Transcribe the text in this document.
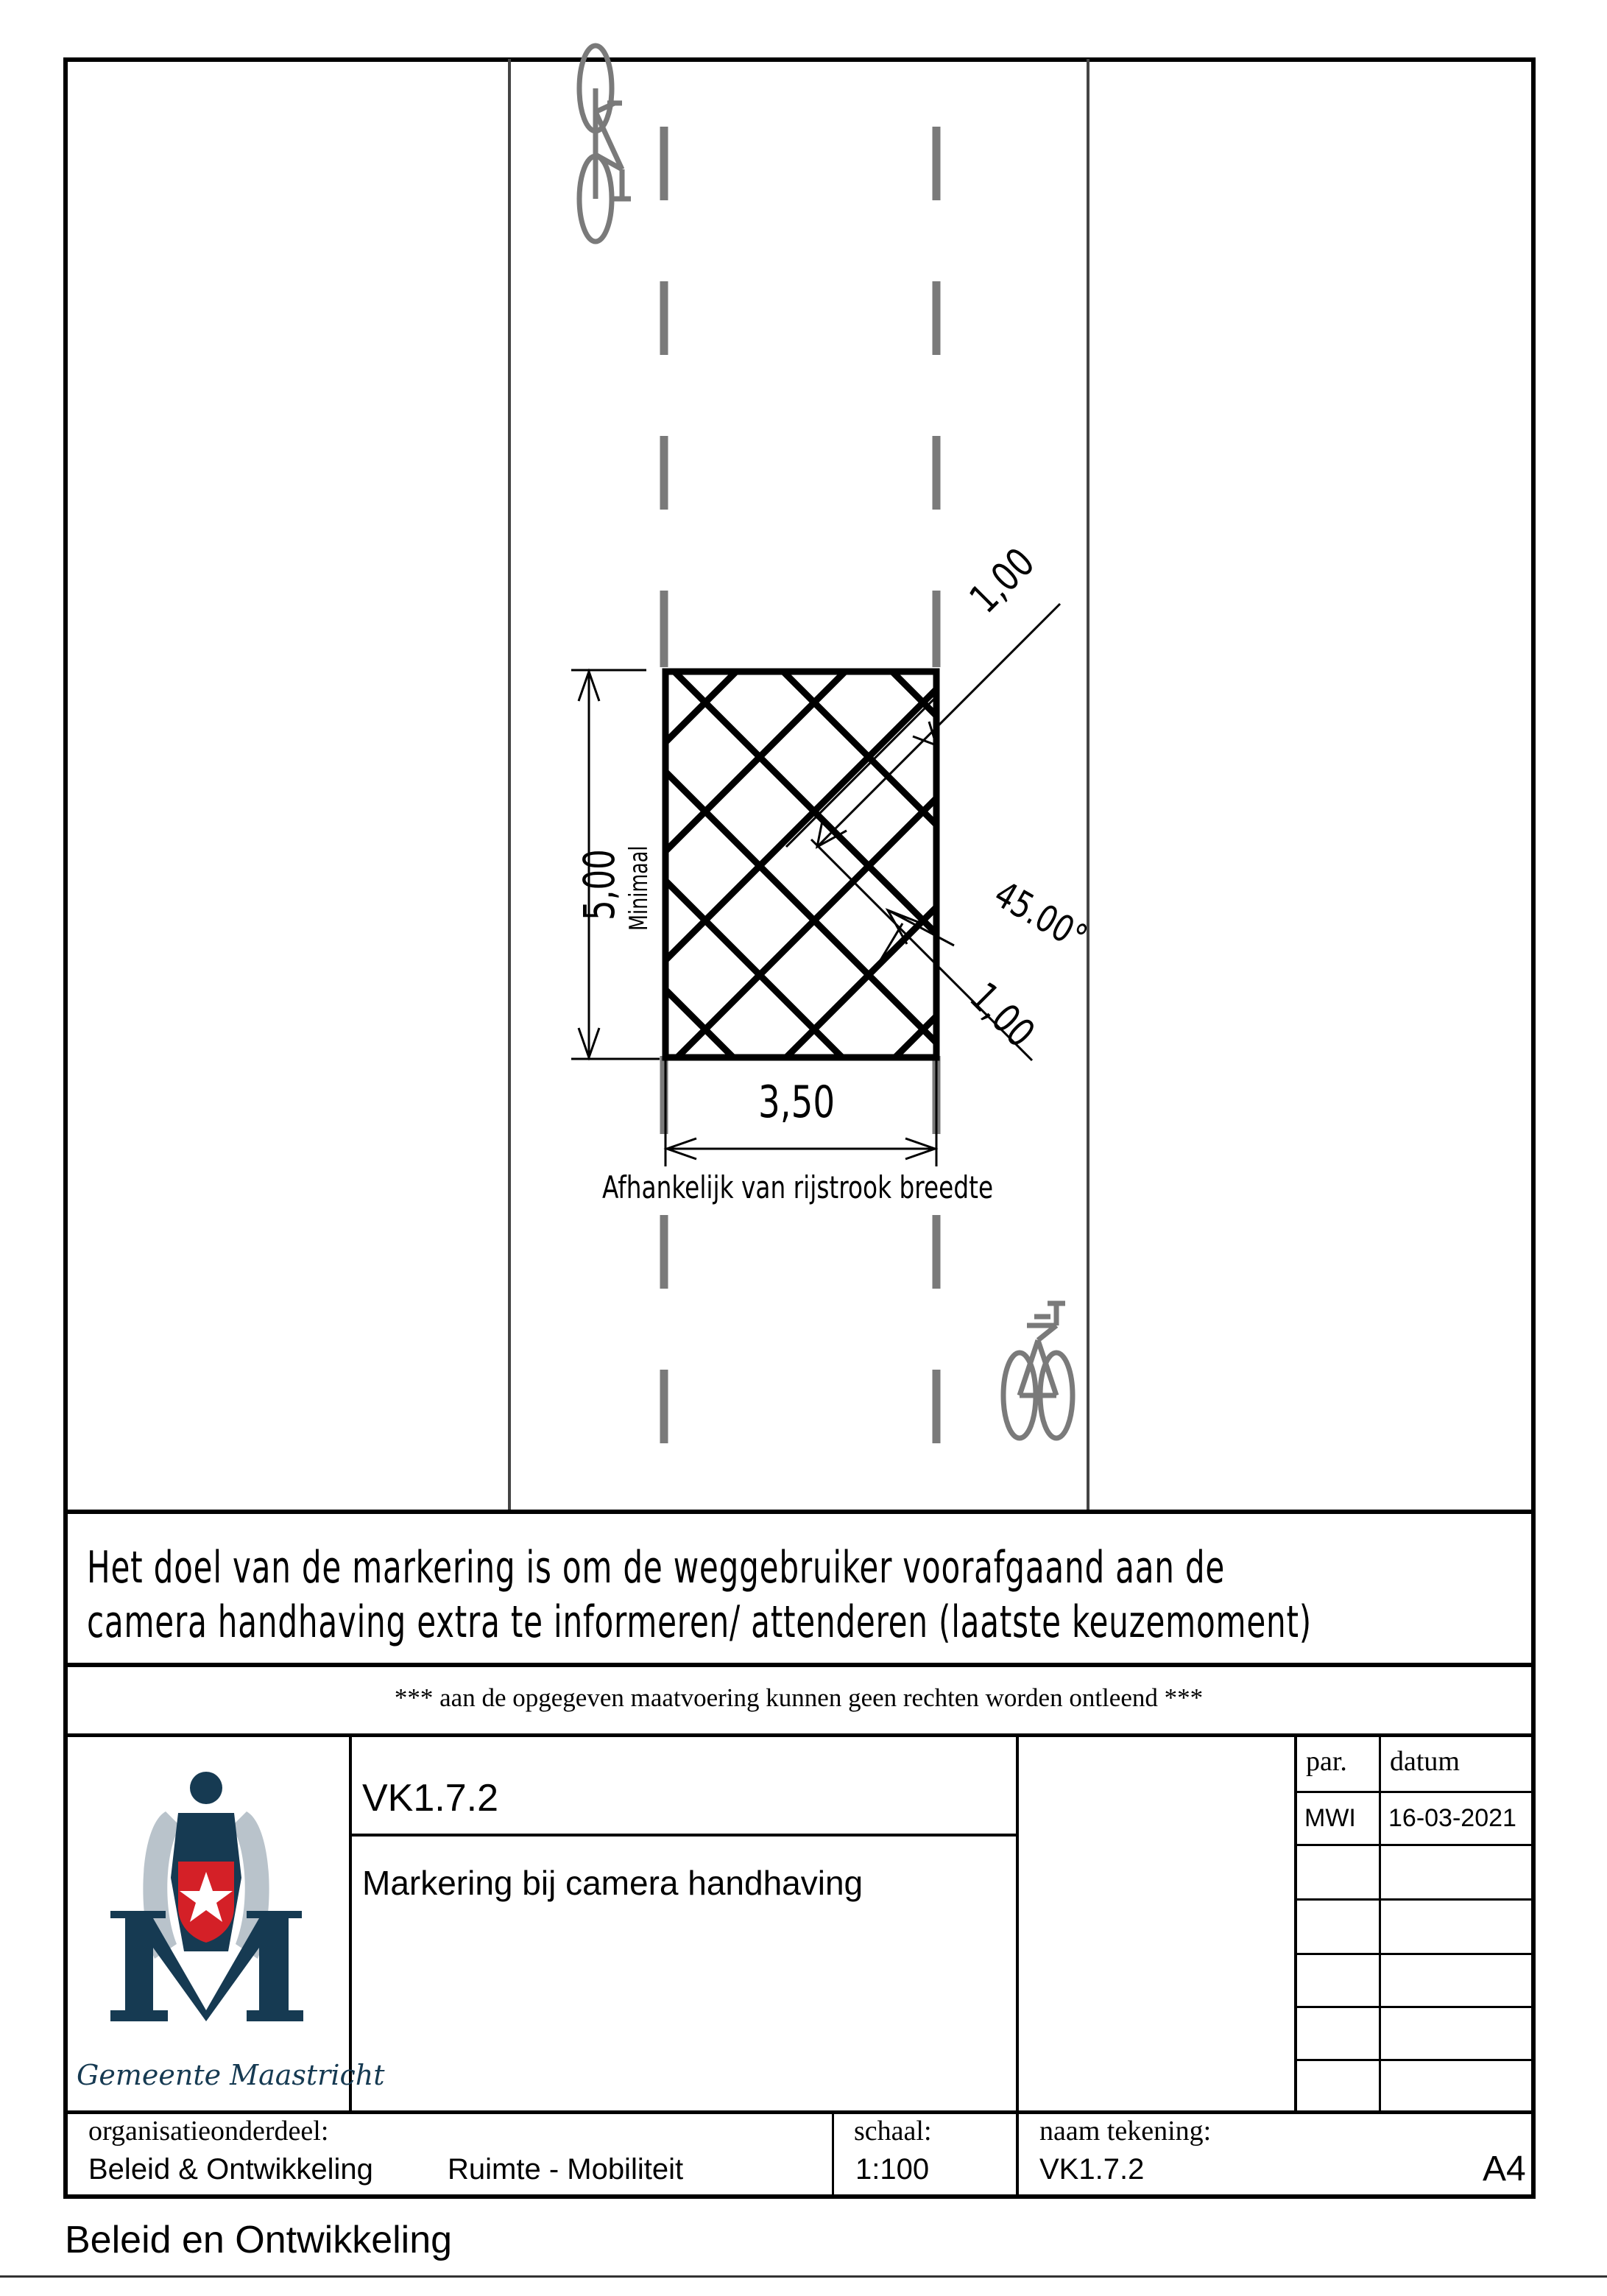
5,00 Minimaal
3,50
Afhankelijk van rijstrook breedte
1,00
45.00°
1,00
Het doel van de markering is om de weggebruiker voorafgaand aan de
camera handhaving extra te informeren/ attenderen (laatste keuzemoment)
*** aan de opgegeven maatvoering kunnen geen rechten worden ontleend ***
Gemeente Maastricht
VK1.7.2
Markering bij camera handhaving
par. datum
MWI 16-03-2021
organisatieonderdeel:
Beleid & Ontwikkeling	Ruimte - Mobiliteit
schaal:
1:100
naam tekening:
VK1.7.2	A4
Beleid en Ontwikkeling
